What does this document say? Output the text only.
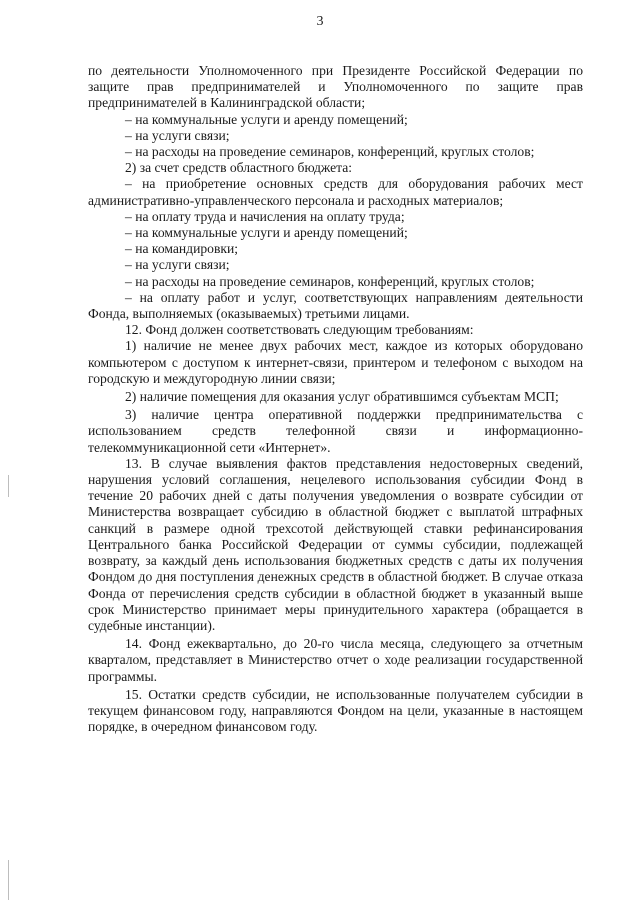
3

по деятельности Уполномоченного при Президенте Российской Федерации по защите прав предпринимателей и Уполномоченного по защите прав предпринимателей в Калининградской области;

– на коммунальные услуги и аренду помещений;

– на услуги связи;

– на расходы на проведение семинаров, конференций, круглых столов;

2) за счет средств областного бюджета:

– на приобретение основных средств для оборудования рабочих мест административно-управленческого персонала и расходных материалов;

– на оплату труда и начисления на оплату труда;

– на коммунальные услуги и аренду помещений;

– на командировки;

– на услуги связи;

– на расходы на проведение семинаров, конференций, круглых столов;

– на оплату работ и услуг, соответствующих направлениям деятельности Фонда, выполняемых (оказываемых) третьими лицами.

12. Фонд должен соответствовать следующим требованиям:

1) наличие не менее двух рабочих мест, каждое из которых оборудовано компьютером с доступом к интернет-связи, принтером и телефоном с выходом на городскую и междугородную линии связи;

2) наличие помещения для оказания услуг обратившимся субъектам МСП;

3) наличие центра оперативной поддержки предпринимательства с использованием средств телефонной связи и информационно-телекоммуникационной сети «Интернет».

13. В случае выявления фактов представления недостоверных сведений, нарушения условий соглашения, нецелевого использования субсидии Фонд в течение 20 рабочих дней с даты получения уведомления о возврате субсидии от Министерства возвращает субсидию в областной бюджет с выплатой штрафных санкций в размере одной трехсотой действующей ставки рефинансирования Центрального банка Российской Федерации от суммы субсидии, подлежащей возврату, за каждый день использования бюджетных средств с даты их получения Фондом до дня поступления денежных средств в областной бюджет. В случае отказа Фонда от перечисления средств субсидии в областной бюджет в указанный выше срок Министерство принимает меры принудительного характера (обращается в судебные инстанции).

14. Фонд ежеквартально, до 20-го числа месяца, следующего за отчетным кварталом, представляет в Министерство отчет о ходе реализации государственной программы.

15. Остатки средств субсидии, не использованные получателем субсидии в текущем финансовом году, направляются Фондом на цели, указанные в настоящем порядке, в очередном финансовом году.
